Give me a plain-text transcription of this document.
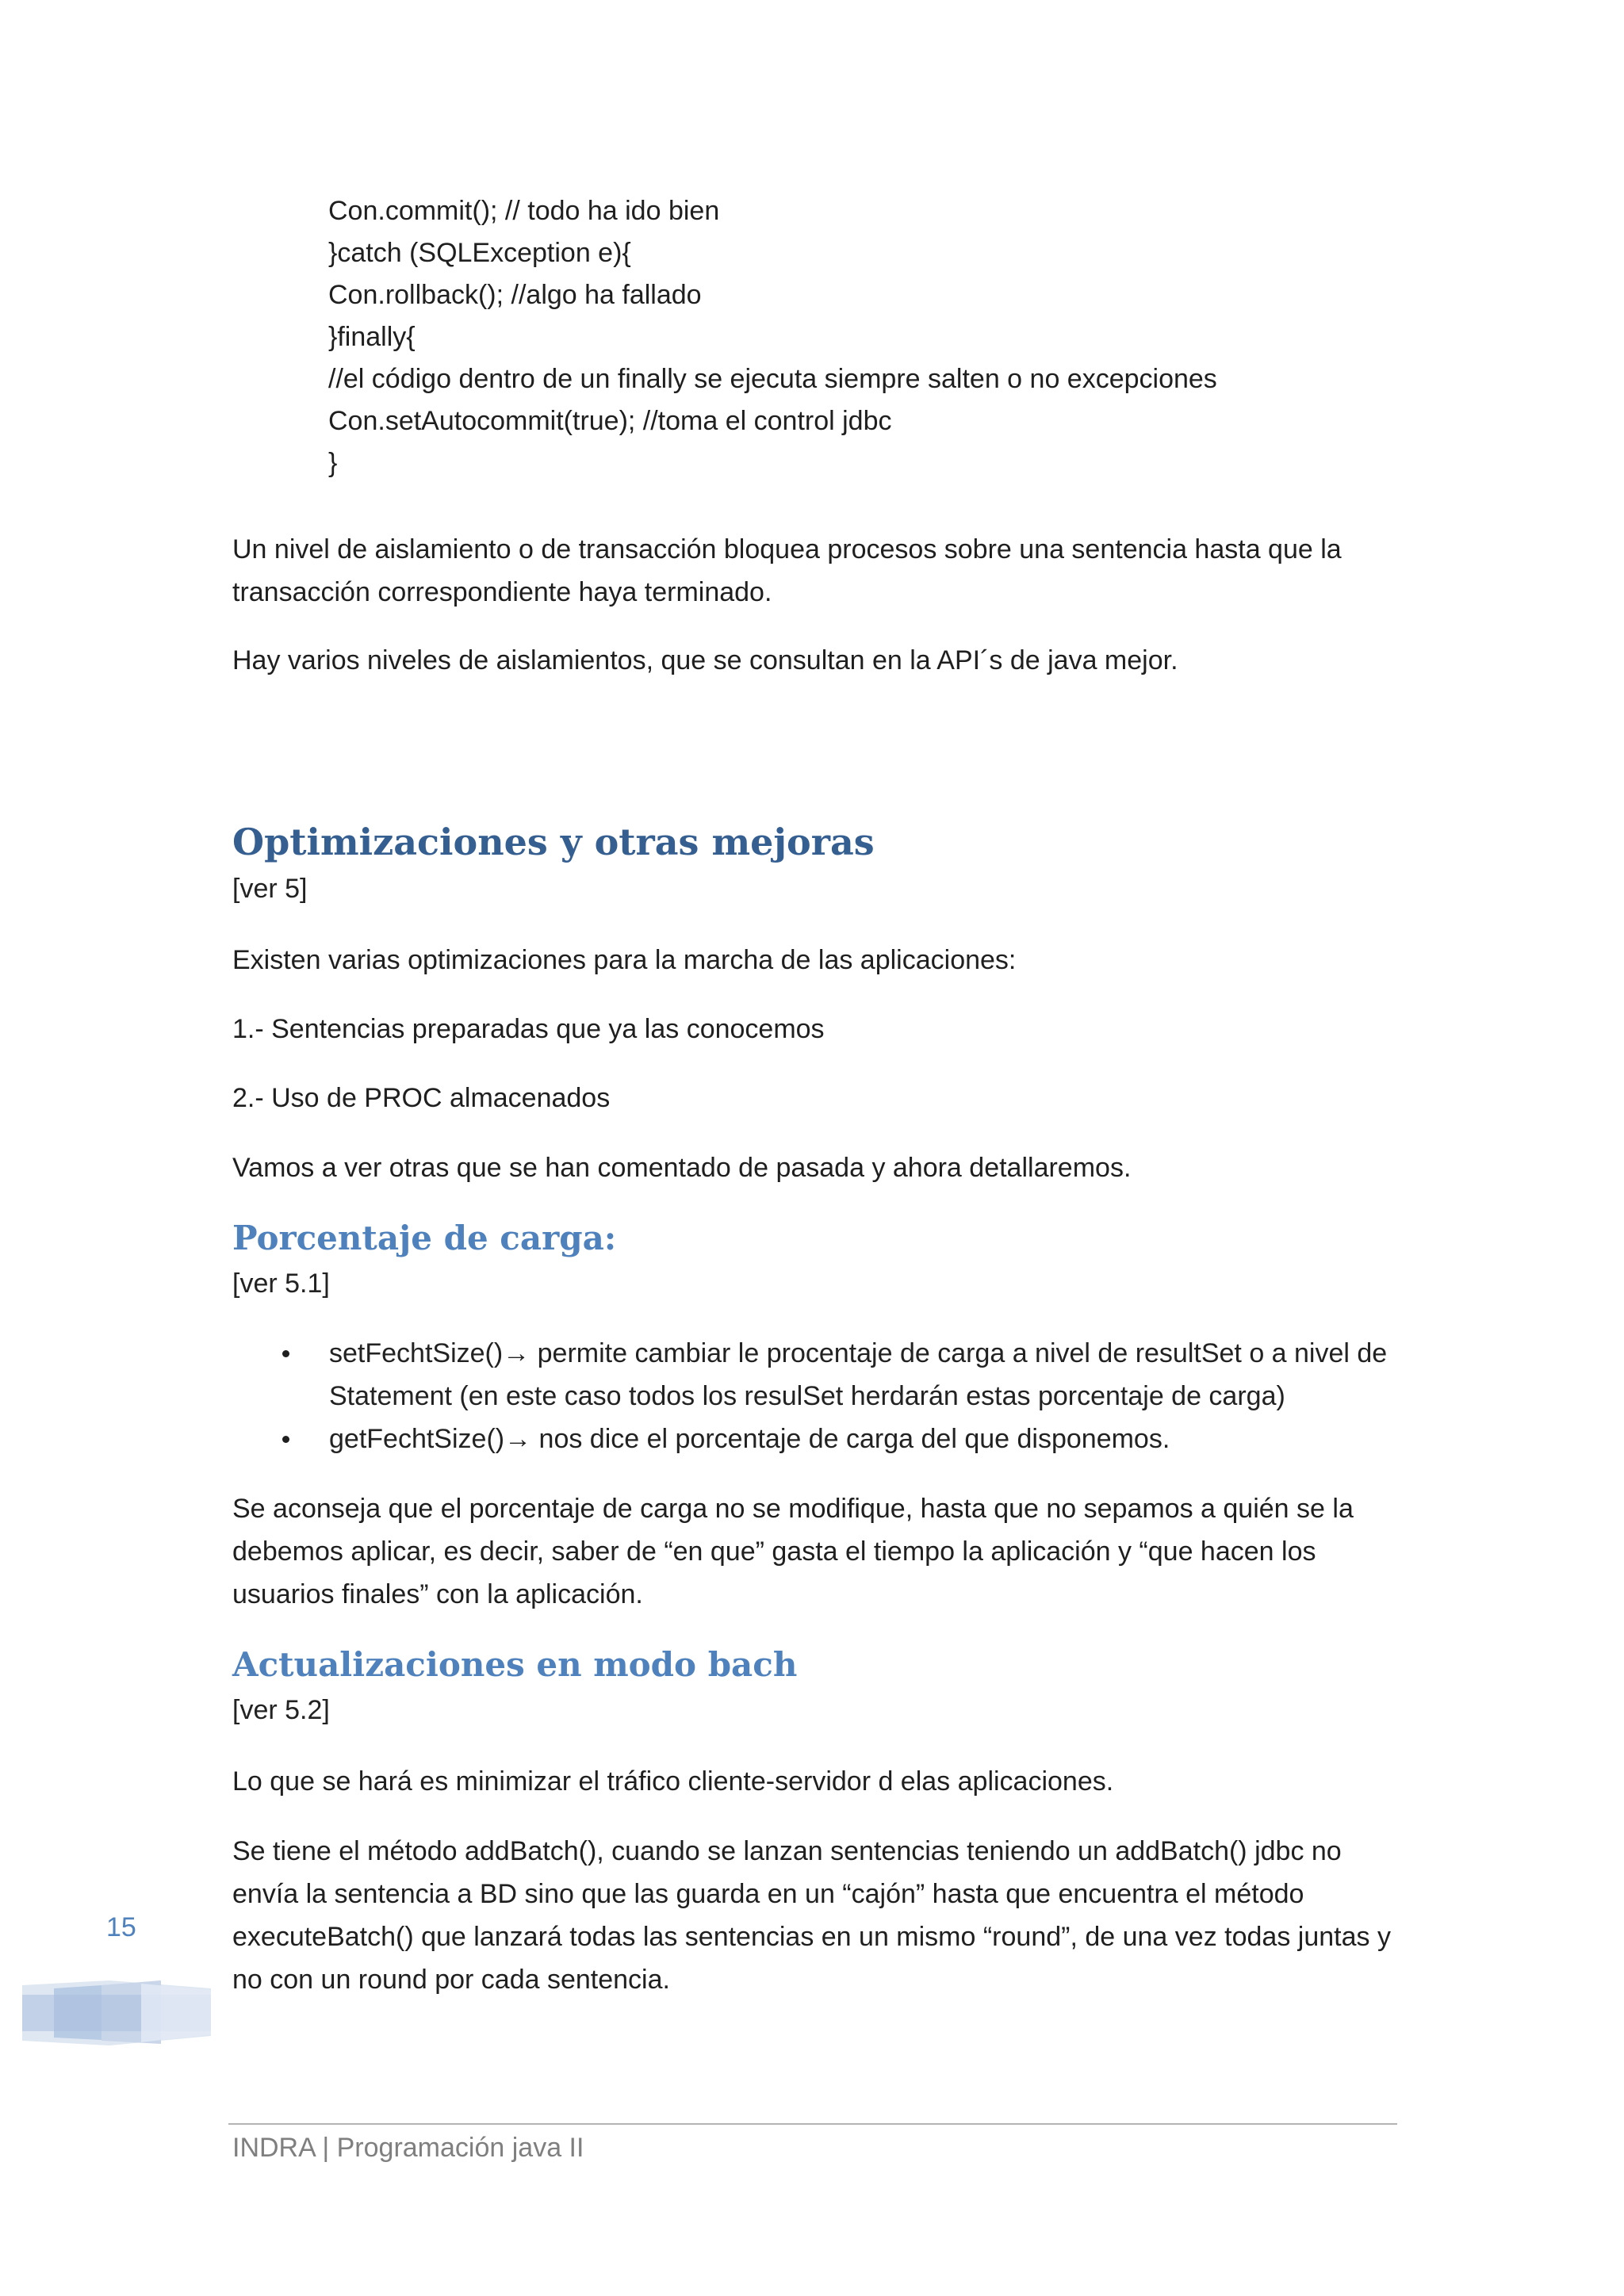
Con.commit(); // todo ha ido bien
}catch (SQLException e){
Con.rollback(); //algo ha fallado
}finally{
//el código dentro de un finally se ejecuta siempre salten o no excepciones
Con.setAutocommit(true); //toma el control jdbc
}
Un nivel de aislamiento o de transacción bloquea procesos sobre una sentencia hasta que la transacción correspondiente haya terminado.
Hay varios niveles de aislamientos, que se consultan en la API´s de java mejor.
Optimizaciones y otras mejoras
[ver 5]
Existen varias optimizaciones para la marcha de las aplicaciones:
1.- Sentencias preparadas que ya las conocemos
2.- Uso de PROC almacenados
Vamos a ver otras que se han comentado de pasada y ahora detallaremos.
Porcentaje de carga:
[ver 5.1]
setFechtSize()→ permite cambiar le procentaje de carga a nivel de resultSet o a nivel de Statement (en este caso todos los resulSet herdarán estas porcentaje de carga)
getFechtSize()→ nos dice el porcentaje de carga del que disponemos.
Se aconseja que el porcentaje de carga no se modifique, hasta que no sepamos a quién se la debemos aplicar, es decir, saber de “en que” gasta el tiempo la aplicación y “que hacen los usuarios finales” con la aplicación.
Actualizaciones en modo bach
[ver 5.2]
Lo que se hará es minimizar el tráfico cliente-servidor d elas aplicaciones.
Se tiene el método addBatch(), cuando se lanzan sentencias teniendo un addBatch() jdbc no envía la sentencia a BD sino que las guarda en un “cajón” hasta que encuentra el método executeBatch() que lanzará todas las sentencias en un mismo “round”, de una vez todas juntas y no con un round por cada sentencia.
15
INDRA | Programación java II
